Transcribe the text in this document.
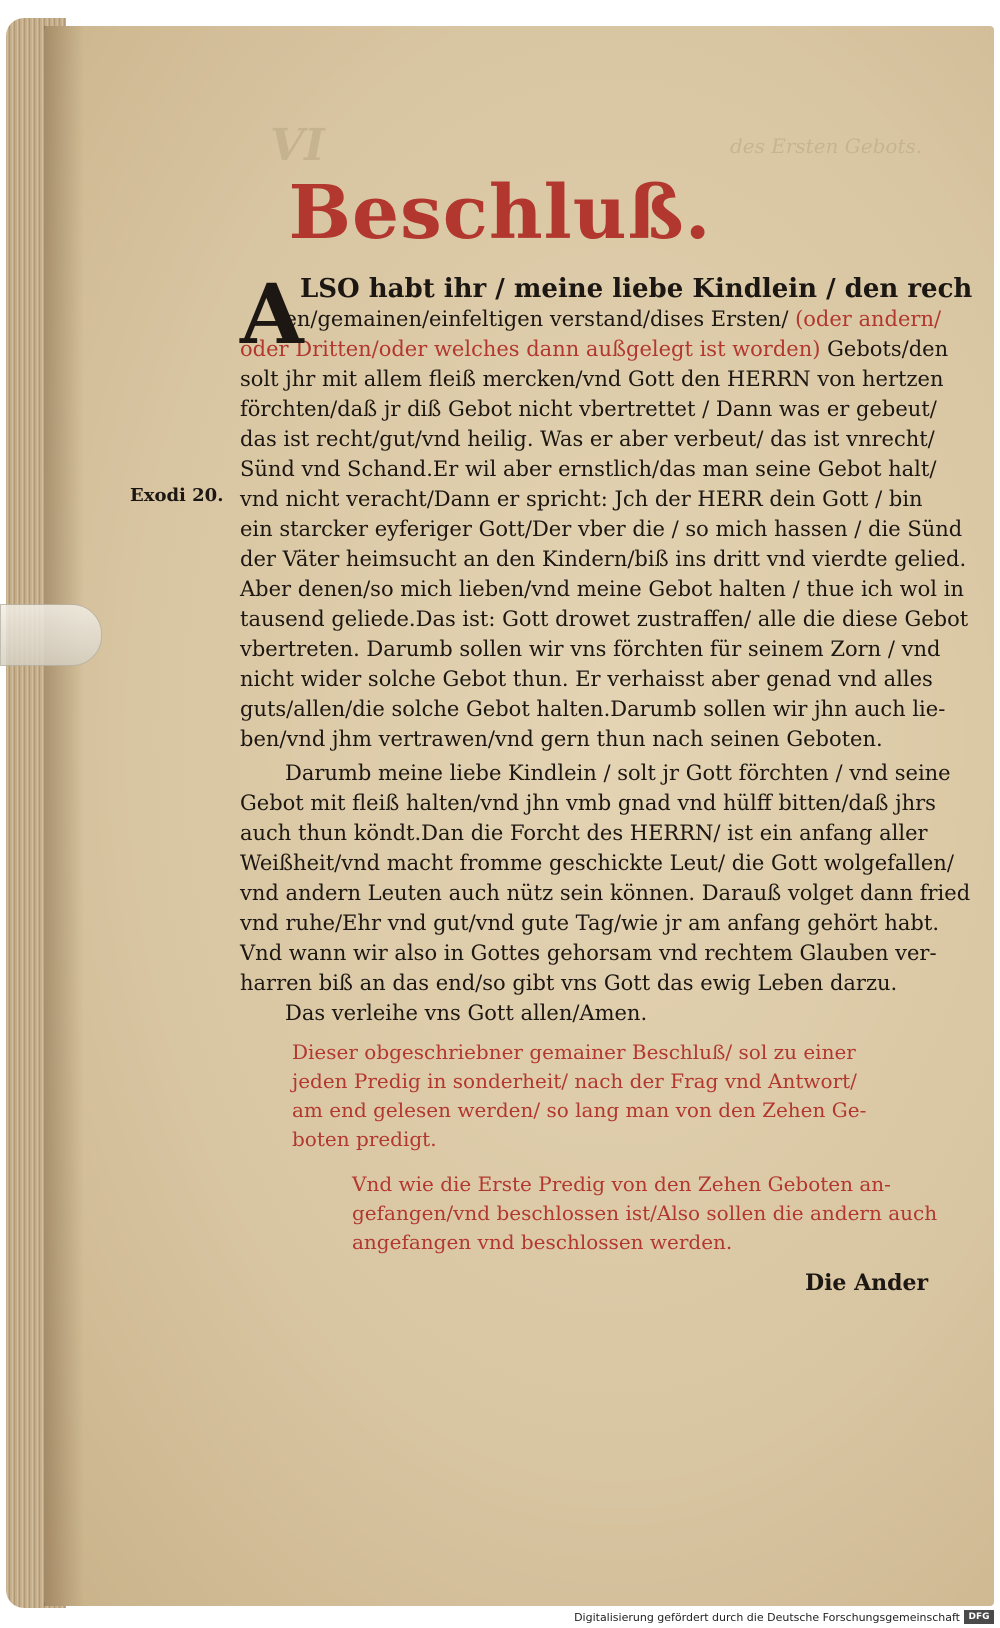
VI	des Ersten Gebots.
Beschluß.
Exodi 20.
A
LSO habt ihr / meine liebe Kindlein / den rech
ten/gemainen/einfeltigen verstand/dises Ersten/ (oder andern/
oder Dritten/oder welches dann außgelegt ist worden) Gebots/den
solt jhr mit allem fleiß mercken/vnd Gott den HERRN von hertzen
förchten/daß jr diß Gebot nicht vbertrettet / Dann was er gebeut/
das ist recht/gut/vnd heilig. Was er aber verbeut/ das ist vnrecht/
Sünd vnd Schand.Er wil aber ernstlich/das man seine Gebot halt/
vnd nicht veracht/Dann er spricht: Jch der HERR dein Gott / bin
ein starcker eyferiger Gott/Der vber die / so mich hassen / die Sünd
der Väter heimsucht an den Kindern/biß ins dritt vnd vierdte gelied.
Aber denen/so mich lieben/vnd meine Gebot halten / thue ich wol in
tausend geliede.Das ist: Gott drowet zustraffen/ alle die diese Gebot
vbertreten. Darumb sollen wir vns förchten für seinem Zorn / vnd
nicht wider solche Gebot thun. Er verhaisst aber genad vnd alles
guts/allen/die solche Gebot halten.Darumb sollen wir jhn auch lie-
ben/vnd jhm vertrawen/vnd gern thun nach seinen Geboten.
Darumb meine liebe Kindlein / solt jr Gott förchten / vnd seine
Gebot mit fleiß halten/vnd jhn vmb gnad vnd hülff bitten/daß jhrs
auch thun köndt.Dan die Forcht des HERRN/ ist ein anfang aller
Weißheit/vnd macht fromme geschickte Leut/ die Gott wolgefallen/
vnd andern Leuten auch nütz sein können. Darauß volget dann fried
vnd ruhe/Ehr vnd gut/vnd gute Tag/wie jr am anfang gehört habt.
Vnd wann wir also in Gottes gehorsam vnd rechtem Glauben ver-
harren biß an das end/so gibt vns Gott das ewig Leben darzu.
Das verleihe vns Gott allen/Amen.
Dieser obgeschriebner gemainer Beschluß/ sol zu einer
jeden Predig in sonderheit/ nach der Frag vnd Antwort/
am end gelesen werden/ so lang man von den Zehen Ge-
boten predigt.
Vnd wie die Erste Predig von den Zehen Geboten an-
gefangen/vnd beschlossen ist/Also sollen die andern auch
angefangen vnd beschlossen werden.
Die Ander
Digitalisierung gefördert durch die Deutsche Forschungsgemeinschaft DFG
